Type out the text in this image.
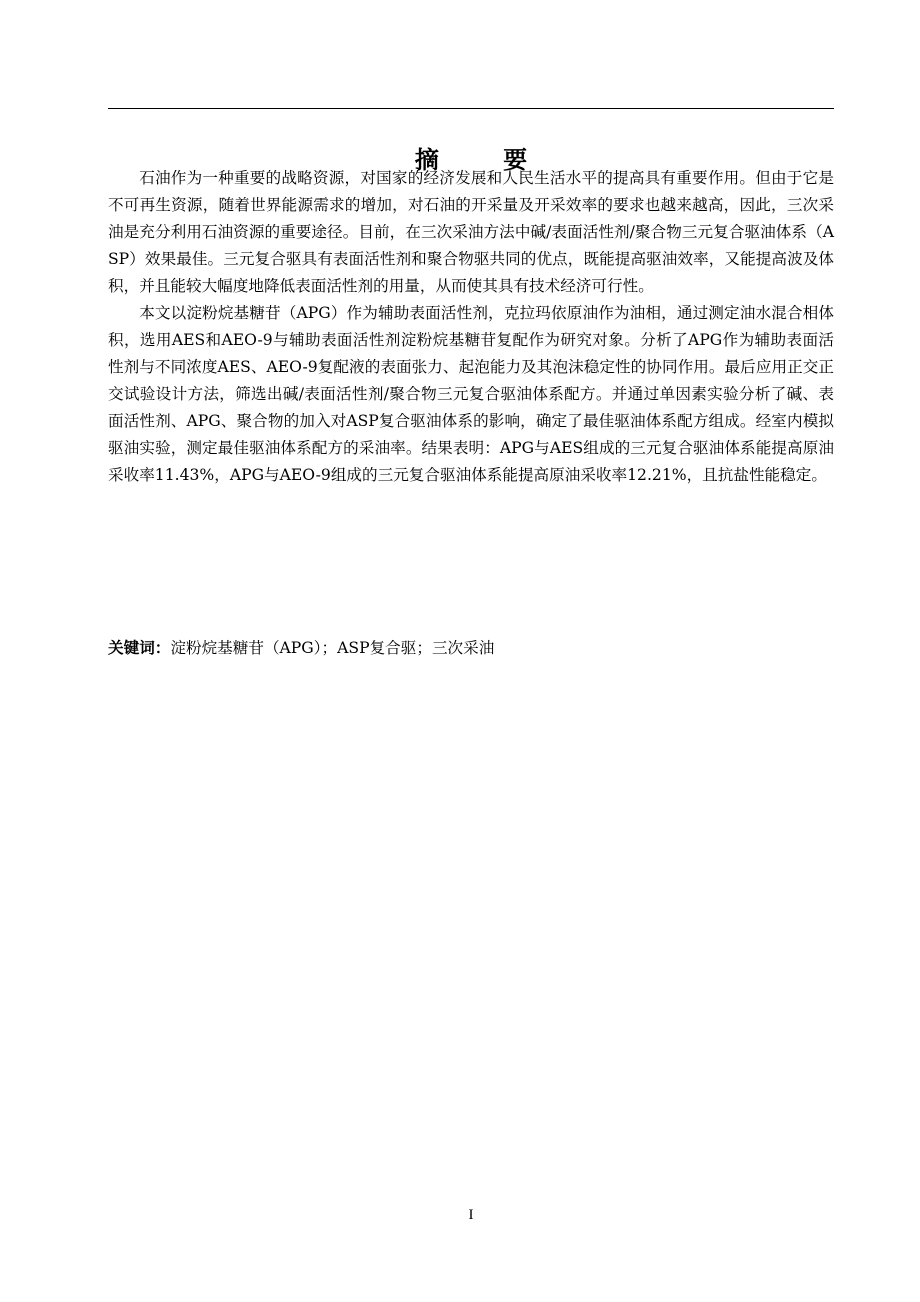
摘 要

石油作为一种重要的战略资源，对国家的经济发展和人民生活水平的提高具有重要作用。但由于它是不可再生资源，随着世界能源需求的增加，对石油的开采量及开采效率的要求也越来越高，因此，三次采油是充分利用石油资源的重要途径。目前，在三次采油方法中碱/表面活性剂/聚合物三元复合驱油体系（ASP）效果最佳。三元复合驱具有表面活性剂和聚合物驱共同的优点，既能提高驱油效率，又能提高波及体积，并且能较大幅度地降低表面活性剂的用量，从而使其具有技术经济可行性。

本文以淀粉烷基糖苷（APG）作为辅助表面活性剂，克拉玛依原油作为油相，通过测定油水混合相体积，选用AES和AEO-9与辅助表面活性剂淀粉烷基糖苷复配作为研究对象。分析了APG作为辅助表面活性剂与不同浓度AES、AEO-9复配液的表面张力、起泡能力及其泡沫稳定性的协同作用。最后应用正交正交试验设计方法，筛选出碱/表面活性剂/聚合物三元复合驱油体系配方。并通过单因素实验分析了碱、表面活性剂、APG、聚合物的加入对ASP复合驱油体系的影响，确定了最佳驱油体系配方组成。经室内模拟驱油实验，测定最佳驱油体系配方的采油率。结果表明：APG与AES组成的三元复合驱油体系能提高原油采收率11.43%，APG与AEO-9组成的三元复合驱油体系能提高原油采收率12.21%，且抗盐性能稳定。

关键词：淀粉烷基糖苷（APG）；ASP复合驱；三次采油
I
